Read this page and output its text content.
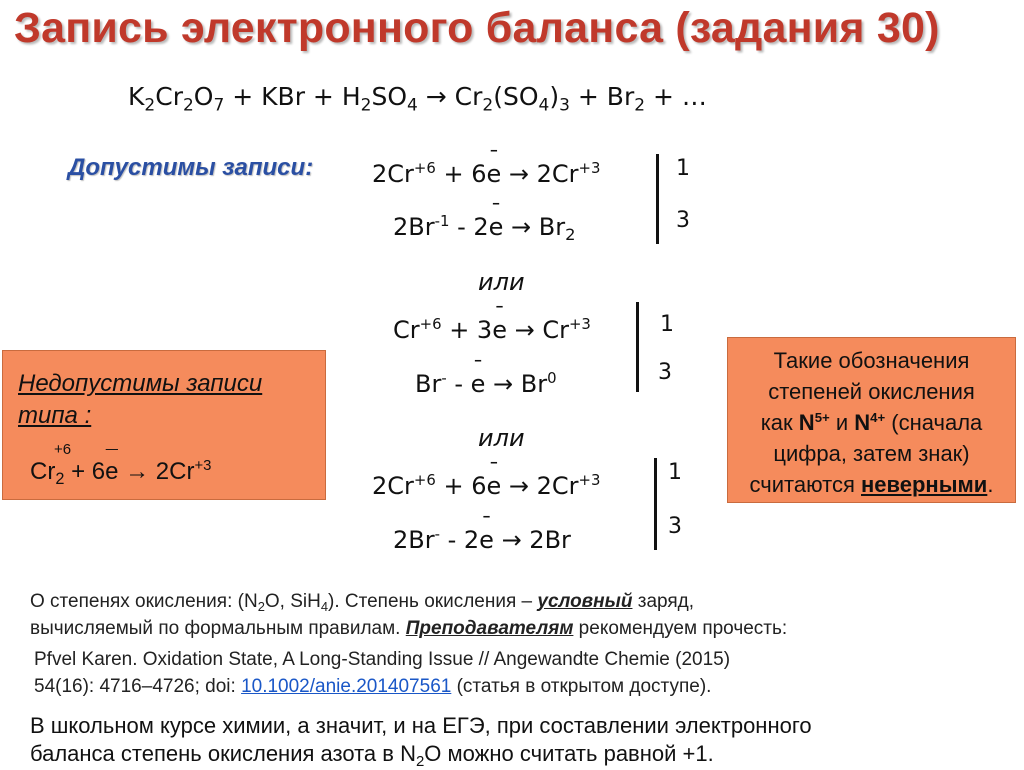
Запись электронного баланса (задания 30)
$K_2Cr_2O_7$ + KBr + $H_2SO_4 \to Cr_2(SO_4)_3 + Br_2$ + …
Допустимы записи: $2Cr^{+6}$ + 6¯ $e \to 2Cr^{+3}$
$2Br^{-1}$ - 2¯ $e \to Br_2$
1
3
или
$Cr^{+6}$ + 3¯ $e \to Cr^{+3}$
Br- - ¯ $e \to Br^0$
1
3
или
$2Cr^{+6}$ + 6¯ $e \to 2Cr^{+3}$
2Br- - 2¯ e → 2Br
1
3
Недопустимы записи типа :
$Cr_2$
+6
+ 6¯ $e \to 2Cr^{+3}$
Такие обозначения
степеней окисления
как $N^{5+}$ и $N^{4+}$ (сначала
цифра, затем знак)
считаются неверными.
О степенях окисления: ($N_2O$, SiH$_4$). Степень окисления – условный заряд,
вычисляемый по формальным правилам. Преподавателям рекомендуем прочесть:
Pfvel Karen. Oxidation State, A Long-Standing Issue // Angewandte Chemie (2015)
54(16): 4716–4726; doi: 10.1002/anie.201407561 (статья в открытом доступе).
В школьном курсе химии, а значит, и на ЕГЭ, при составлении электронного
баланса степень окисления азота в $N_2O$ можно считать равной +1.
